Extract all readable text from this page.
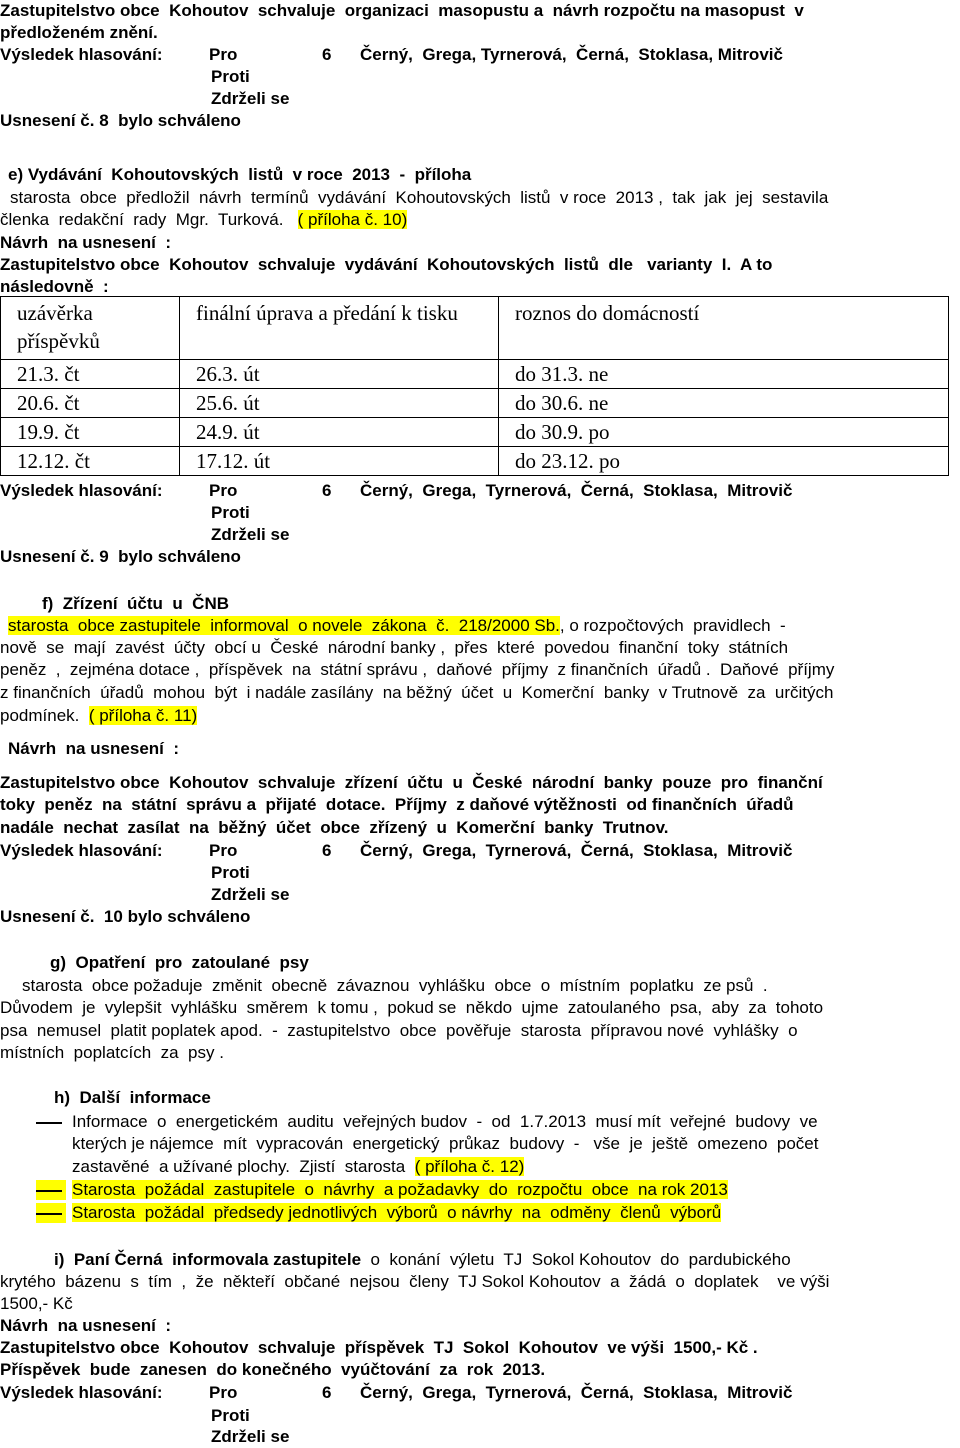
Zastupitelstvo obce  Kohoutov  schvaluje  organizaci  masopustu a  návrh rozpočtu na masopust  v
předloženém znění.
Výsledek hlasování:	Pro	6 Černý,  Grega, Tyrnerová,  Černá,  Stoklasa, Mitrovič
Proti
Zdrželi se
Usnesení č. 8  bylo schváleno
e) Vydávání  Kohoutovských  listů  v roce  2013  -  příloha
starosta  obce  předložil  návrh  termínů  vydávání  Kohoutovských  listů  v roce  2013 ,  tak  jak  jej  sestavila
členka  redakční  rady  Mgr.  Turková. ( příloha č. 10)
Návrh  na usnesení  :
Zastupitelstvo obce  Kohoutov  schvaluje  vydávání  Kohoutovských  listů  dle   varianty  I.  A to
následovně  :
uzávěrka příspěvků	finální úprava a předání k tisku	roznos do domácností
21.3. čt	26.3. út	do 31.3. ne
20.6. čt	25.6. út	do 30.6. ne
19.9. čt	24.9. út	do 30.9. po
12.12. čt	17.12. út	do 23.12. po
Výsledek hlasování:	Pro	6 Černý,  Grega,  Tyrnerová,  Černá,  Stoklasa,  Mitrovič
Proti
Zdrželi se
Usnesení č. 9  bylo schváleno
f)  Zřízení  účtu  u  ČNB
starosta  obce zastupitele  informoval  o novele  zákona  č.  218/2000 Sb., o rozpočtových  pravidlech  -
nově  se  mají  zavést  účty  obcí u  České  národní banky ,  přes  které  povedou  finanční  toky  státních
peněz  ,  zejména dotace ,  příspěvek  na  státní správu ,  daňové  příjmy  z finančních  úřadů .  Daňové  příjmy
z finančních  úřadů  mohou  být  i nadále zasílány  na běžný  účet  u  Komerční  banky  v Trutnově  za  určitých
podmínek. ( příloha č. 11)
Návrh  na usnesení  :
Zastupitelstvo obce  Kohoutov  schvaluje  zřízení  účtu  u  České  národní  banky  pouze  pro  finanční
toky  peněz  na  státní  správu a  přijaté  dotace.  Příjmy  z daňové výtěžnosti  od finančních  úřadů
nadále  nechat  zasílat  na  běžný  účet  obce  zřízený  u  Komerční  banky  Trutnov.
Výsledek hlasování:	Pro	6 Černý,  Grega,  Tyrnerová,  Černá,  Stoklasa,  Mitrovič
Proti
Zdrželi se
Usnesení č.  10 bylo schváleno
g)  Opatření  pro  zatoulané  psy
starosta  obce požaduje  změnit  obecně  závaznou  vyhlášku  obce  o  místním  poplatku  ze psů  .
Důvodem  je  vylepšit  vyhlášku  směrem  k tomu ,  pokud se  někdo  ujme  zatoulaného  psa,  aby  za  tohoto
psa  nemusel  platit poplatek apod.  -  zastupitelstvo  obce  pověřuje  starosta  přípravou nové  vyhlášky  o
místních  poplatcích  za  psy .
h)  Další  informace
Informace  o  energetickém  auditu  veřejných budov  -  od  1.7.2013  musí mít  veřejné  budovy  ve
kterých je nájemce  mít  vypracován  energetický  průkaz  budovy  -   vše  je  ještě  omezeno  počet
zastavěné  a užívané plochy.  Zjistí  starosta ( příloha č. 12)
Starosta  požádal  zastupitele  o  návrhy  a požadavky  do  rozpočtu  obce  na rok 2013
Starosta  požádal  předsedy jednotlivých  výborů  o návrhy  na  odměny  členů  výborů
i)  Paní Černá  informovala zastupitele o  konání  výletu  TJ  Sokol Kohoutov  do  pardubického
krytého  bázenu  s  tím  ,  že  někteří  občané  nejsou  členy  TJ Sokol Kohoutov  a  žádá  o  doplatek    ve výši
1500,- Kč
Návrh  na usnesení  :
Zastupitelstvo obce  Kohoutov  schvaluje  příspěvek  TJ  Sokol  Kohoutov  ve výši  1500,- Kč .
Příspěvek  bude  zanesen  do konečného  vyúčtování  za  rok  2013.
Výsledek hlasování:	Pro	6 Černý,  Grega,  Tyrnerová,  Černá,  Stoklasa,  Mitrovič
Proti
Zdrželi se
